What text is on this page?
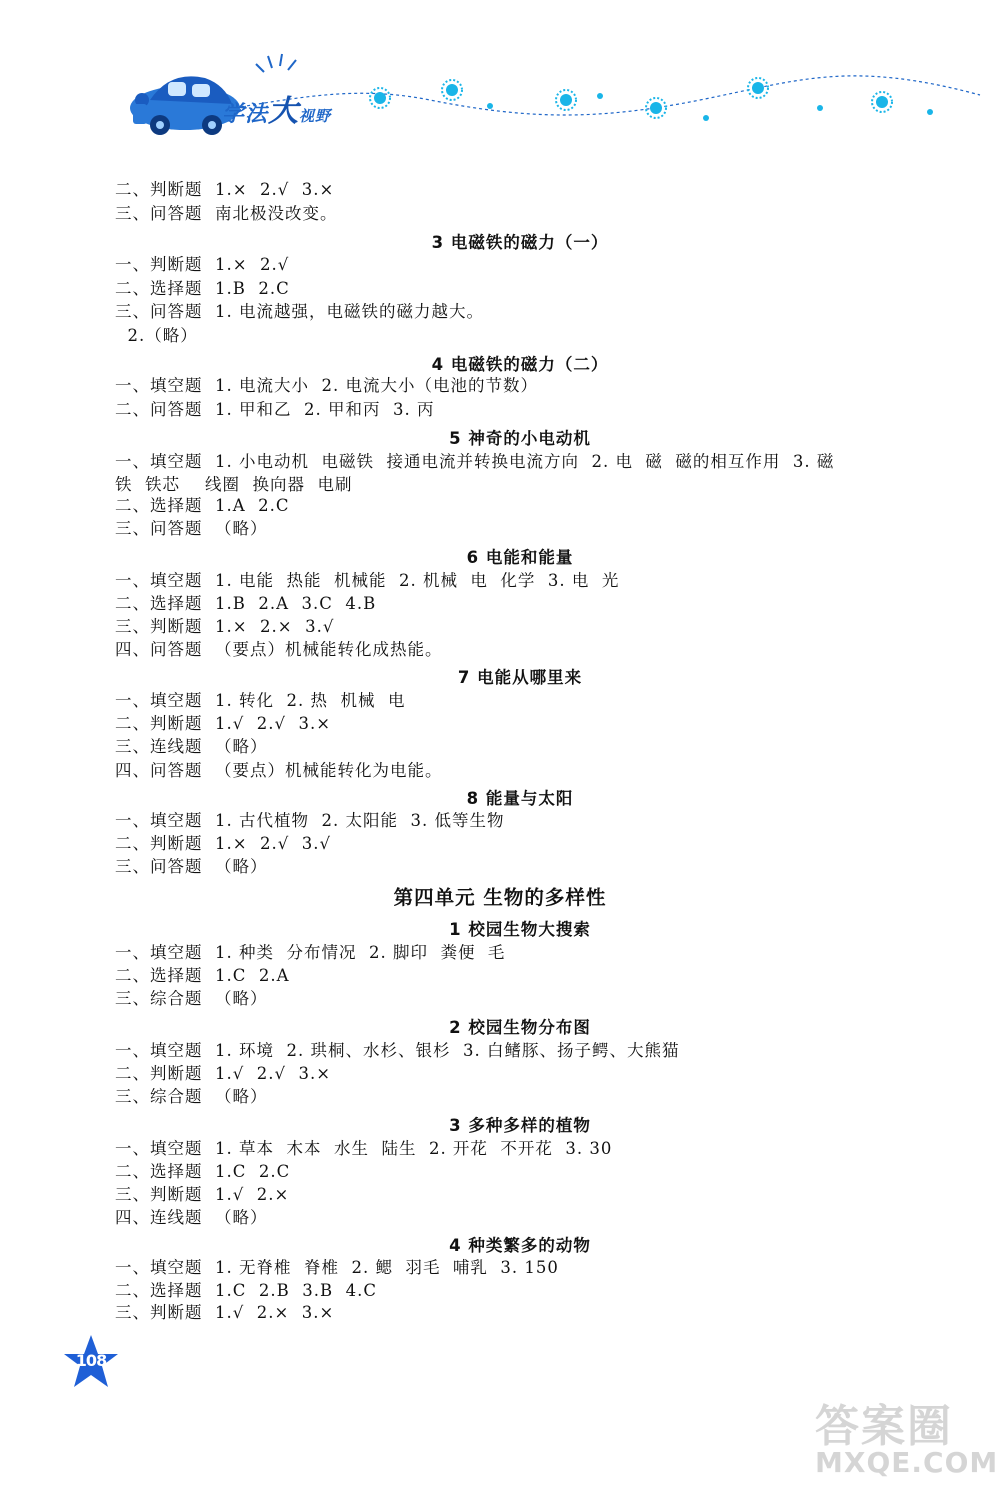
学法大视野
二、判断题 1.×  2.√  3.×
三、问答题 南北极没改变。
3 电磁铁的磁力（一）
一、判断题 1.×  2.√
二、选择题 1.B  2.C
三、问答题 1. 电流越强，电磁铁的磁力越大。
2.（略）
4 电磁铁的磁力（二）
一、填空题 1. 电流大小  2. 电流大小（电池的节数）
二、问答题 1. 甲和乙  2. 甲和丙  3. 丙
5 神奇的小电动机
一、填空题 1. 小电动机  电磁铁  接通电流并转换电流方向  2. 电  磁  磁的相互作用  3. 磁
铁  铁芯    线圈  换向器  电刷
二、选择题 1.A  2.C
三、问答题 （略）
6 电能和能量
一、填空题 1. 电能  热能  机械能  2. 机械  电  化学  3. 电  光
二、选择题 1.B  2.A  3.C  4.B
三、判断题 1.×  2.×  3.√
四、问答题 （要点）机械能转化成热能。
7 电能从哪里来
一、填空题 1. 转化  2. 热  机械  电
二、判断题 1.√  2.√  3.×
三、连线题 （略）
四、问答题 （要点）机械能转化为电能。
8 能量与太阳
一、填空题 1. 古代植物  2. 太阳能  3. 低等生物
二、判断题 1.×  2.√  3.√
三、问答题 （略）
第四单元 生物的多样性
1 校园生物大搜索
一、填空题 1. 种类  分布情况  2. 脚印  粪便  毛
二、选择题 1.C  2.A
三、综合题 （略）
2 校园生物分布图
一、填空题 1. 环境  2. 珙桐、水杉、银杉  3. 白鳍豚、扬子鳄、大熊猫
二、判断题 1.√  2.√  3.×
三、综合题 （略）
3 多种多样的植物
一、填空题 1. 草本  木本  水生  陆生  2. 开花  不开花  3. 30
二、选择题 1.C  2.C
三、判断题 1.√  2.×
四、连线题 （略）
4 种类繁多的动物
一、填空题 1. 无脊椎  脊椎  2. 鳃  羽毛  哺乳  3. 150
二、选择题 1.C  2.B  3.B  4.C
三、判断题 1.√  2.×  3.×
108
答案圈
MXQE.COM
